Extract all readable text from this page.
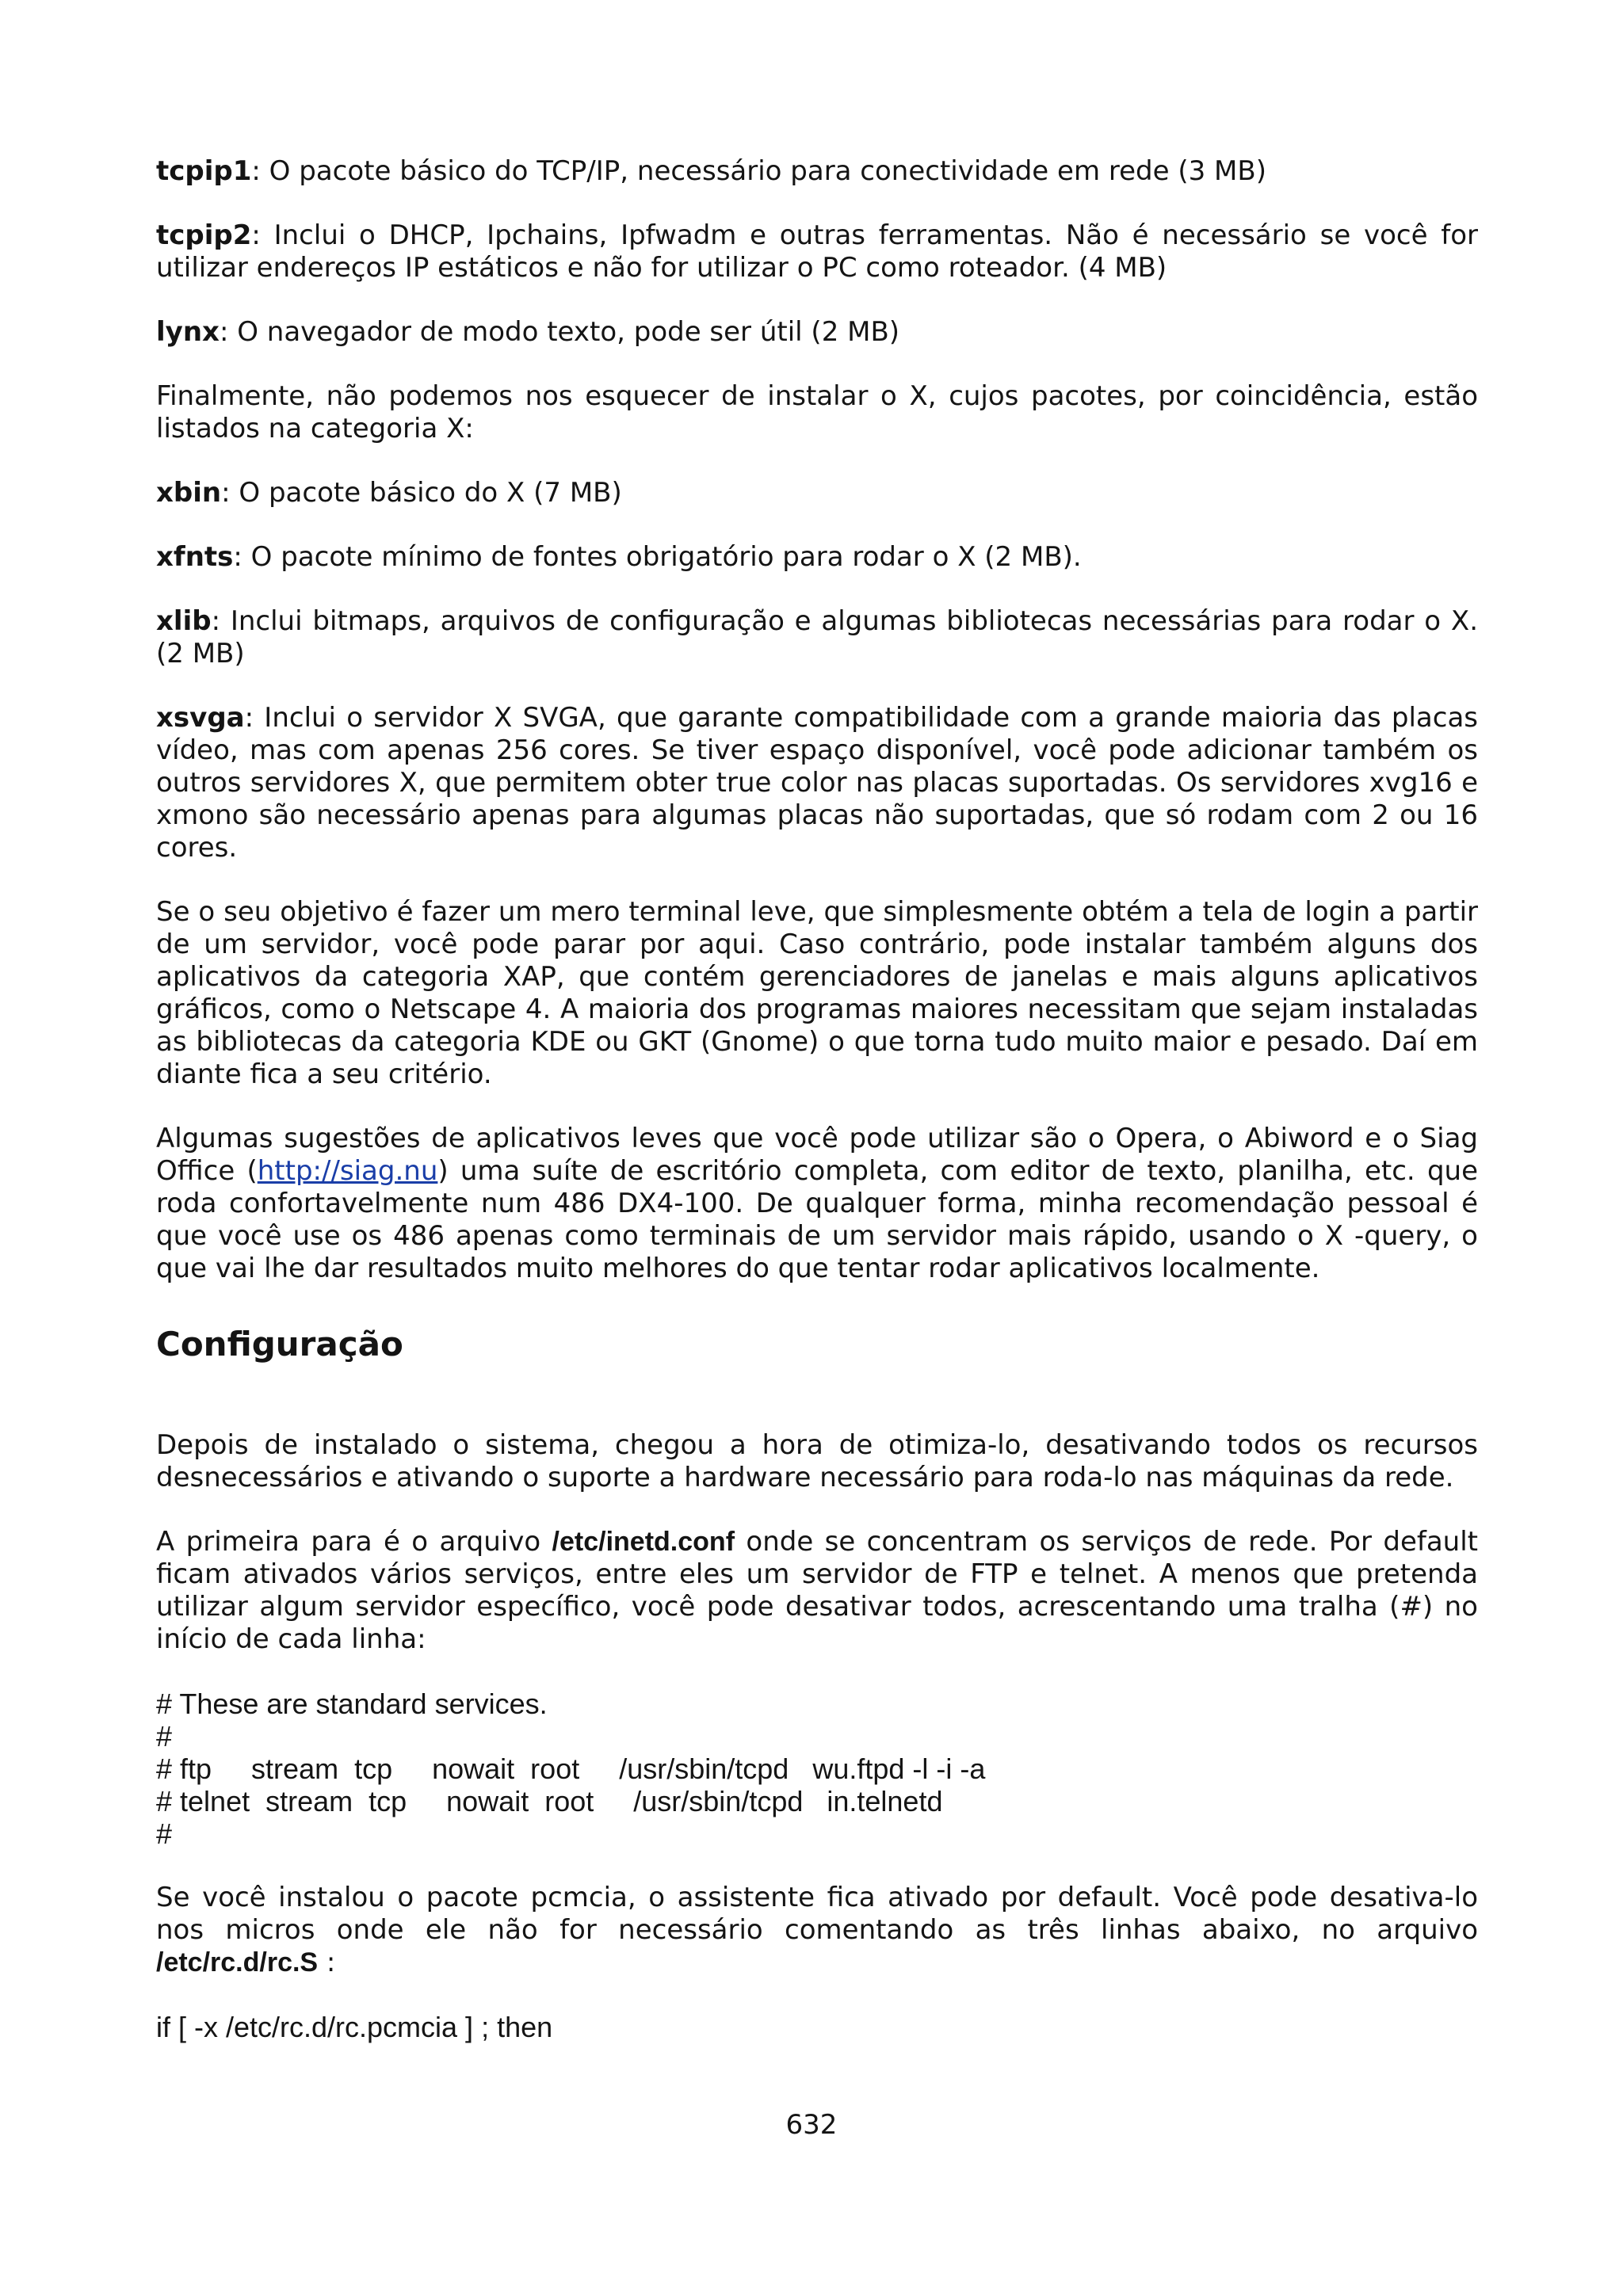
tcpip1: O pacote básico do TCP/IP, necessário para conectividade em rede (3 MB)

tcpip2: Inclui o DHCP, Ipchains, Ipfwadm e outras ferramentas. Não é necessário se você for utilizar endereços IP estáticos e não for utilizar o PC como roteador. (4 MB)

lynx: O navegador de modo texto, pode ser útil (2 MB)

Finalmente, não podemos nos esquecer de instalar o X, cujos pacotes, por coincidência, estão listados na categoria X:

xbin: O pacote básico do X (7 MB)

xfnts: O pacote mínimo de fontes obrigatório para rodar o X (2 MB).

xlib: Inclui bitmaps, arquivos de configuração e algumas bibliotecas necessárias para rodar o X. (2 MB)

xsvga: Inclui o servidor X SVGA, que garante compatibilidade com a grande maioria das placas vídeo, mas com apenas 256 cores. Se tiver espaço disponível, você pode adicionar também os outros servidores X, que permitem obter true color nas placas suportadas. Os servidores xvg16 e xmono são necessário apenas para algumas placas não suportadas, que só rodam com 2 ou 16 cores.

Se o seu objetivo é fazer um mero terminal leve, que simplesmente obtém a tela de login a partir de um servidor, você pode parar por aqui. Caso contrário, pode instalar também alguns dos aplicativos da categoria XAP, que contém gerenciadores de janelas e mais alguns aplicativos gráficos, como o Netscape 4. A maioria dos programas maiores necessitam que sejam instaladas as bibliotecas da categoria KDE ou GKT (Gnome) o que torna tudo muito maior e pesado. Daí em diante fica a seu critério.

Algumas sugestões de aplicativos leves que você pode utilizar são o Opera, o Abiword e o Siag Office (http://siag.nu) uma suíte de escritório completa, com editor de texto, planilha, etc. que roda confortavelmente num 486 DX4-100. De qualquer forma, minha recomendação pessoal é que você use os 486 apenas como terminais de um servidor mais rápido, usando o X -query, o que vai lhe dar resultados muito melhores do que tentar rodar aplicativos localmente.

Configuração

Depois de instalado o sistema, chegou a hora de otimiza-lo, desativando todos os recursos desnecessários e ativando o suporte a hardware necessário para roda-lo nas máquinas da rede.

A primeira para é o arquivo /etc/inetd.conf onde se concentram os serviços de rede. Por default ficam ativados vários serviços, entre eles um servidor de FTP e telnet. A menos que pretenda utilizar algum servidor específico, você pode desativar todos, acrescentando uma tralha (#) no início de cada linha:

# These are standard services.
#
# ftp     stream  tcp     nowait  root     /usr/sbin/tcpd   wu.ftpd -l -i -a
# telnet  stream  tcp     nowait  root     /usr/sbin/tcpd   in.telnetd
#

Se você instalou o pacote pcmcia, o assistente fica ativado por default. Você pode desativa-lo nos micros onde ele não for necessário comentando as três linhas abaixo, no arquivo /etc/rc.d/rc.S :

if [ -x /etc/rc.d/rc.pcmcia ] ; then
632
